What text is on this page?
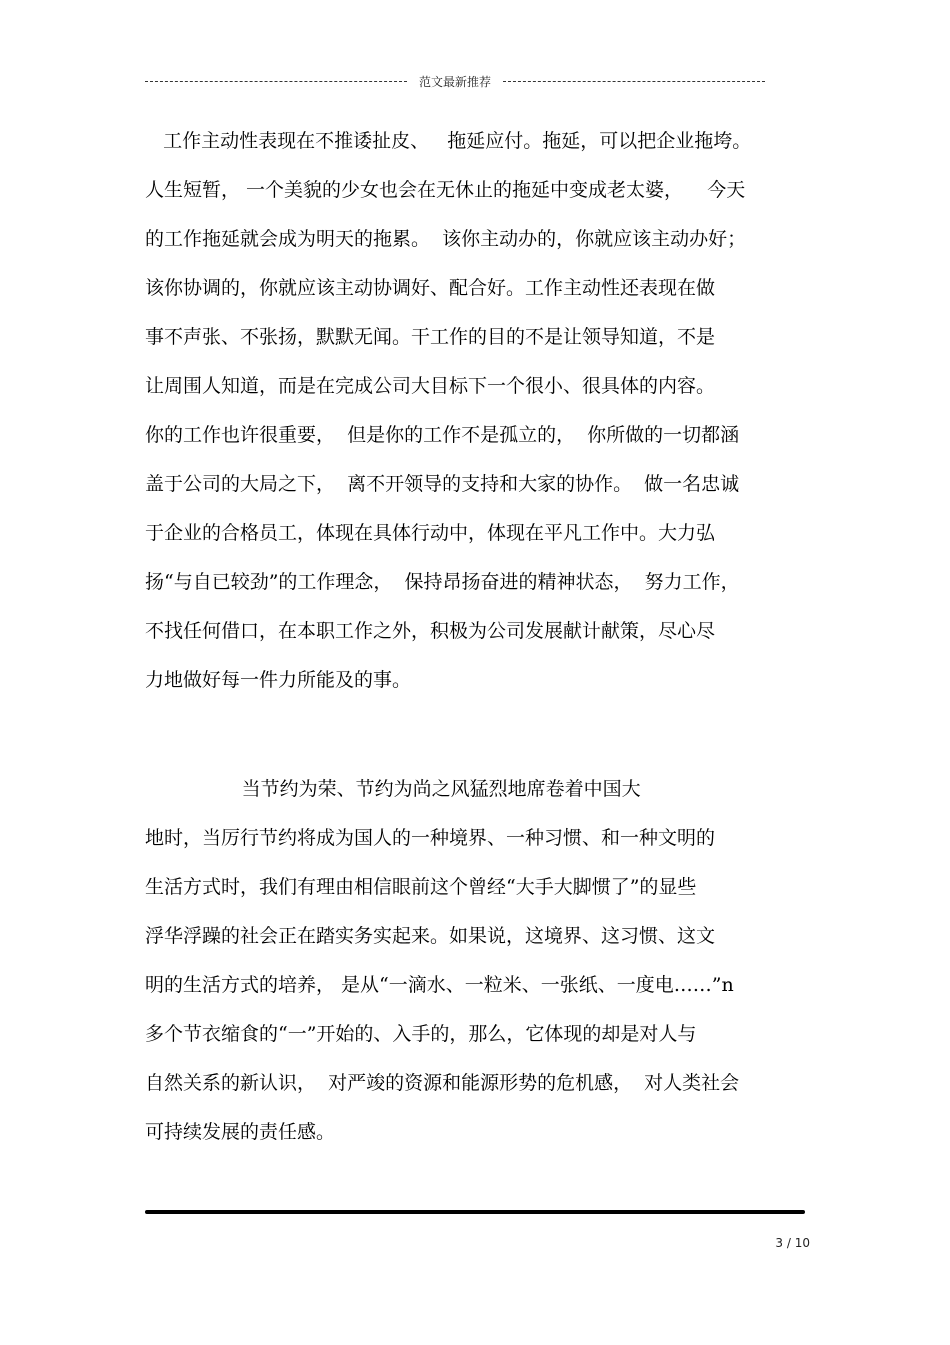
范文最新推荐
工作主动性表现在不推诿扯皮、   拖延应付。拖延，可以把企业拖垮。
人生短暂， 一个美貌的少女也会在无休止的拖延中变成老太婆，    今天
的工作拖延就会成为明天的拖累。  该你主动办的，你就应该主动办好；
该你协调的，你就应该主动协调好、配合好。工作主动性还表现在做
事不声张、不张扬，默默无闻。干工作的目的不是让领导知道，不是
让周围人知道，而是在完成公司大目标下一个很小、很具体的内容。
你的工作也许很重要，  但是你的工作不是孤立的，  你所做的一切都涵
盖于公司的大局之下，  离不开领导的支持和大家的协作。  做一名忠诚
于企业的合格员工，体现在具体行动中，体现在平凡工作中。大力弘
扬“与自已较劲”的工作理念，  保持昂扬奋进的精神状态，  努力工作，
不找任何借口，在本职工作之外，积极为公司发展献计献策，尽心尽
力地做好每一件力所能及的事。
当节约为荣、节约为尚之风猛烈地席卷着中国大
地时，当厉行节约将成为国人的一种境界、一种习惯、和一种文明的
生活方式时，我们有理由相信眼前这个曾经“大手大脚惯了”的显些
浮华浮躁的社会正在踏实务实起来。如果说，这境界、这习惯、这文
明的生活方式的培养， 是从“一滴水、一粒米、一张纸、一度电……”n
多个节衣缩食的“一”开始的、入手的，那么，它体现的却是对人与
自然关系的新认识，  对严竣的资源和能源形势的危机感，  对人类社会
可持续发展的责任感。
3 / 10
